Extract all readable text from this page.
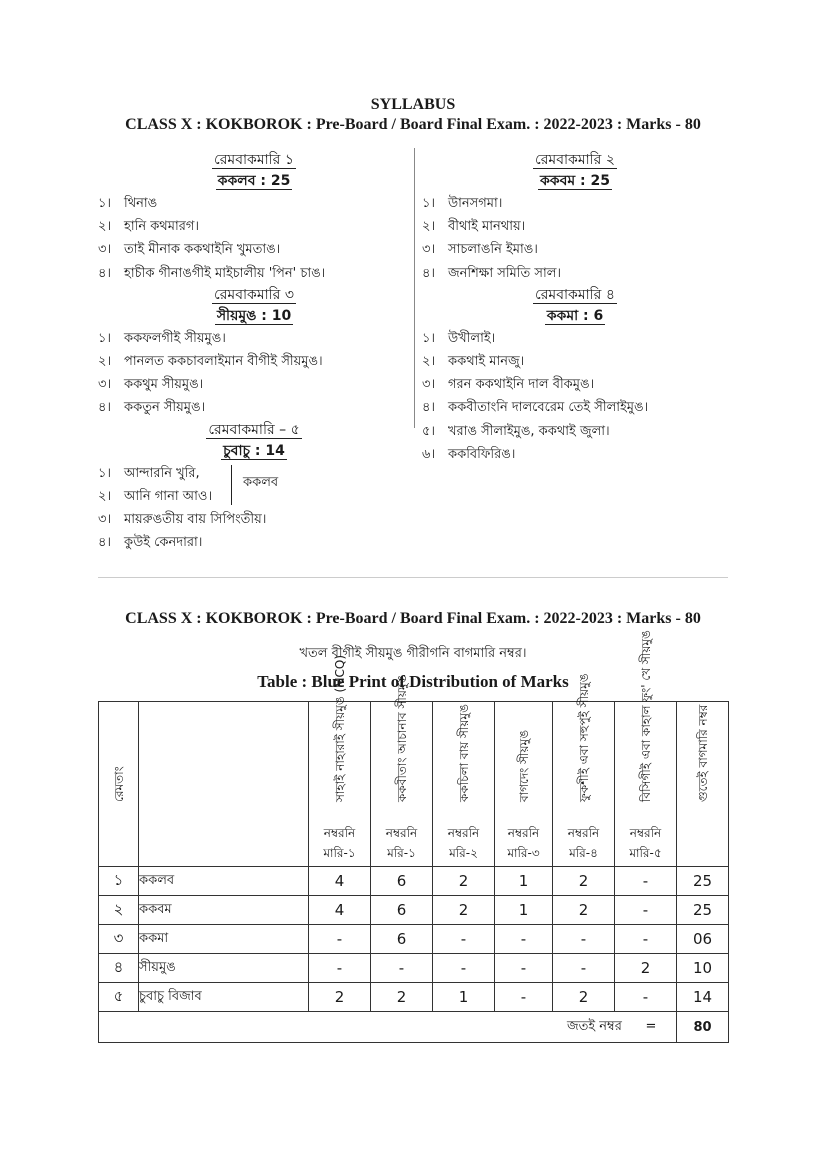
SYLLABUS
CLASS X : KOKBOROK : Pre-Board / Board Final Exam. : 2022-2023 : Marks - 80
রেমবাকমারি ১
ককলব : 25
১। থিনাঙ
২। হানি কথমারগ।
৩। তাই মীনাক ককথাইনি খুমতাঙ।
৪। হাচীক গীনাঙগীই মাইচালীয় 'পিন' চাঙ।
রেমবাকমারি ৩
সীয়মুঙ : 10
১। ককফলগীই সীয়মুঙ।
২। পানলত ককচাবলাইমান বীগীই সীয়মুঙ।
৩। ককথুম সীয়মুঙ।
৪। ককতুন সীয়মুঙ।
রেমবাকমারি – ৫
চুবাচু : 14
১। আন্দারনি খুরি,
২। আনি গানা আও।
ককলব
৩। মায়রুঙতীয় বায় সিপিংতীয়।
৪। কুউই কেনদারা।
রেমবাকমারি ২
ককবম : 25
১। উানসগমা।
২। বীথাই মানথায়।
৩। সাচলাঙনি ইমাঙ।
৪। জনশিক্ষা সমিতি সাল।
রেমবাকমারি ৪
ককমা : 6
১। উখীলাই।
২। ককথাই মানজু।
৩। গরন ককথাইনি দাল বীকমুঙ।
৪। ককবীতাংনি দালবেরেম তেই সীলাইমুঙ।
৫। খরাঙ সীলাইমুঙ, ককথাই জুলা।
৬। ককবিফিরিঙ।
CLASS X : KOKBOROK : Pre-Board / Board Final Exam. : 2022-2023 : Marks - 80
খতল বীগীই সীয়মুঙ গীরীগনি বাগমারি নম্বর।
Table : Blue Print of Distribution of Marks
রেমতাং		সাহাই নাহারাই সীয়মুঙ (MCQ)	ককবীতাং আচানাব সীয়মুঙ	ককচিলা বায় সীয়মুঙ	বাগদেং সীয়মুঙ	ফুকশীই এবা সহুপুই সীয়মুঙ	বিসিগীই এবা কাহাল ফুং' খে সীয়মুঙ	গুতেই বাগমারি নম্বর

		নম্বরনি মারি-১	নম্বরনি মরি-১	নম্বরনি মরি-২	নম্বরনি মারি-৩	নম্বরনি মরি-৪	নম্বরনি মারি-৫	
১	ককলব	4	6	2	1	2	-	25
২	ককবম	4	6	2	1	2	-	25
৩	ককমা	-	6	-	-	-	-	06
৪	সীয়মুঙ	-	-	-	-	-	2	10
৫	চুবাচু বিজাব	2	2	1	-	2	-	14
জতই নম্বর =								80
